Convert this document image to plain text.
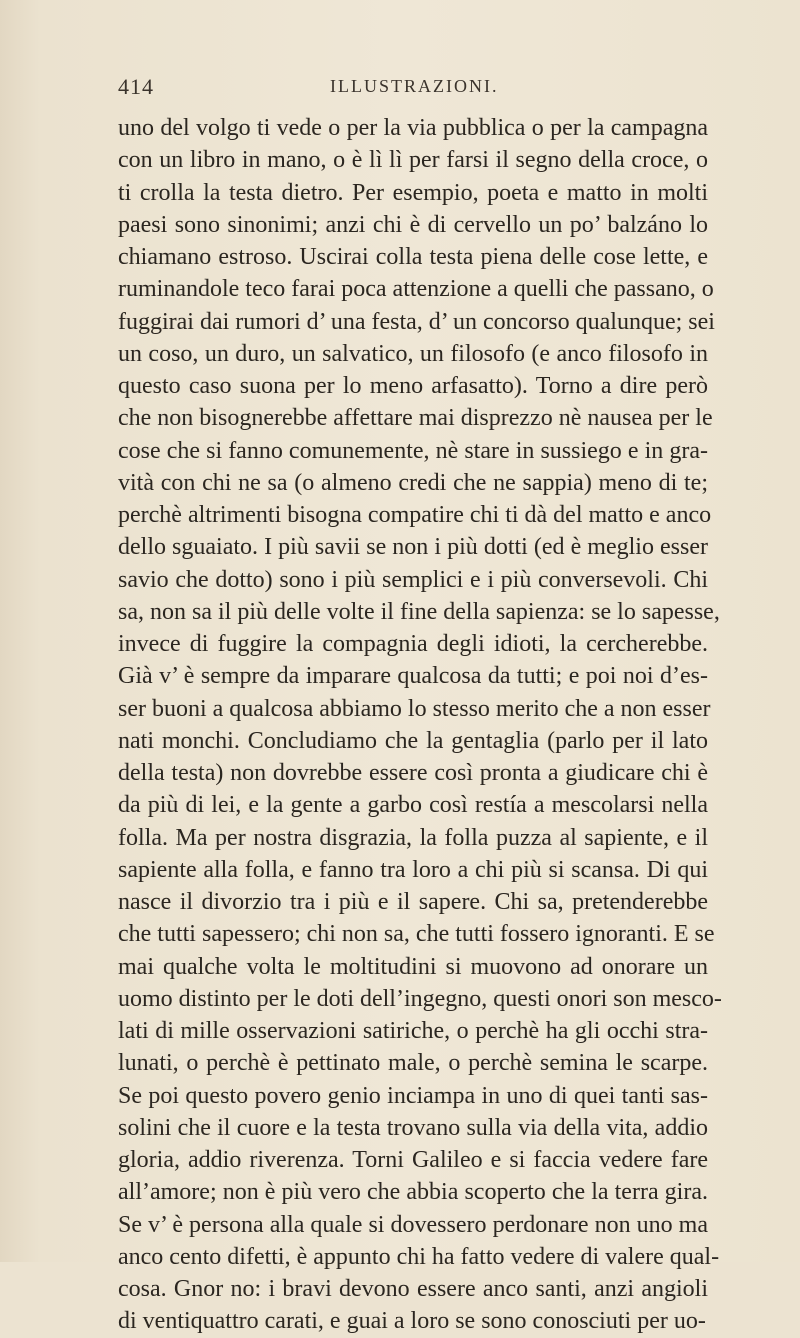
414	ILLUSTRAZIONI.
uno del volgo ti vede o per la via pubblica o per la campagna
con un libro in mano, o è lì lì per farsi il segno della croce, o
ti crolla la testa dietro. Per esempio, poeta e matto in molti
paesi sono sinonimi; anzi chi è di cervello un po’ balzáno lo
chiamano estroso. Uscirai colla testa piena delle cose lette, e
ruminandole teco farai poca attenzione a quelli che passano, o
fuggirai dai rumori d’ una festa, d’ un concorso qualunque; sei
un coso, un duro, un salvatico, un filosofo (e anco filosofo in
questo caso suona per lo meno arfasatto). Torno a dire però
che non bisognerebbe affettare mai disprezzo nè nausea per le
cose che si fanno comunemente, nè stare in sussiego e in gra-
vità con chi ne sa (o almeno credi che ne sappia) meno di te;
perchè altrimenti bisogna compatire chi ti dà del matto e anco
dello sguaiato. I più savii se non i più dotti (ed è meglio esser
savio che dotto) sono i più semplici e i più conversevoli. Chi
sa, non sa il più delle volte il fine della sapienza: se lo sapesse,
invece di fuggire la compagnia degli idioti, la cercherebbe.
Già v’ è sempre da imparare qualcosa da tutti; e poi noi d’es-
ser buoni a qualcosa abbiamo lo stesso merito che a non esser
nati monchi. Concludiamo che la gentaglia (parlo per il lato
della testa) non dovrebbe essere così pronta a giudicare chi è
da più di lei, e la gente a garbo così restía a mescolarsi nella
folla. Ma per nostra disgrazia, la folla puzza al sapiente, e il
sapiente alla folla, e fanno tra loro a chi più si scansa. Di qui
nasce il divorzio tra i più e il sapere. Chi sa, pretenderebbe
che tutti sapessero; chi non sa, che tutti fossero ignoranti. E se
mai qualche volta le moltitudini si muovono ad onorare un
uomo distinto per le doti dell’ingegno, questi onori son mesco-
lati di mille osservazioni satiriche, o perchè ha gli occhi stra-
lunati, o perchè è pettinato male, o perchè semina le scarpe.
Se poi questo povero genio inciampa in uno di quei tanti sas-
solini che il cuore e la testa trovano sulla via della vita, addio
gloria, addio riverenza. Torni Galileo e si faccia vedere fare
all’amore; non è più vero che abbia scoperto che la terra gira.
Se v’ è persona alla quale si dovessero perdonare non uno ma
anco cento difetti, è appunto chi ha fatto vedere di valere qual-
cosa. Gnor no: i bravi devono essere anco santi, anzi angioli
di ventiquattro carati, e guai a loro se sono conosciuti per uo-
